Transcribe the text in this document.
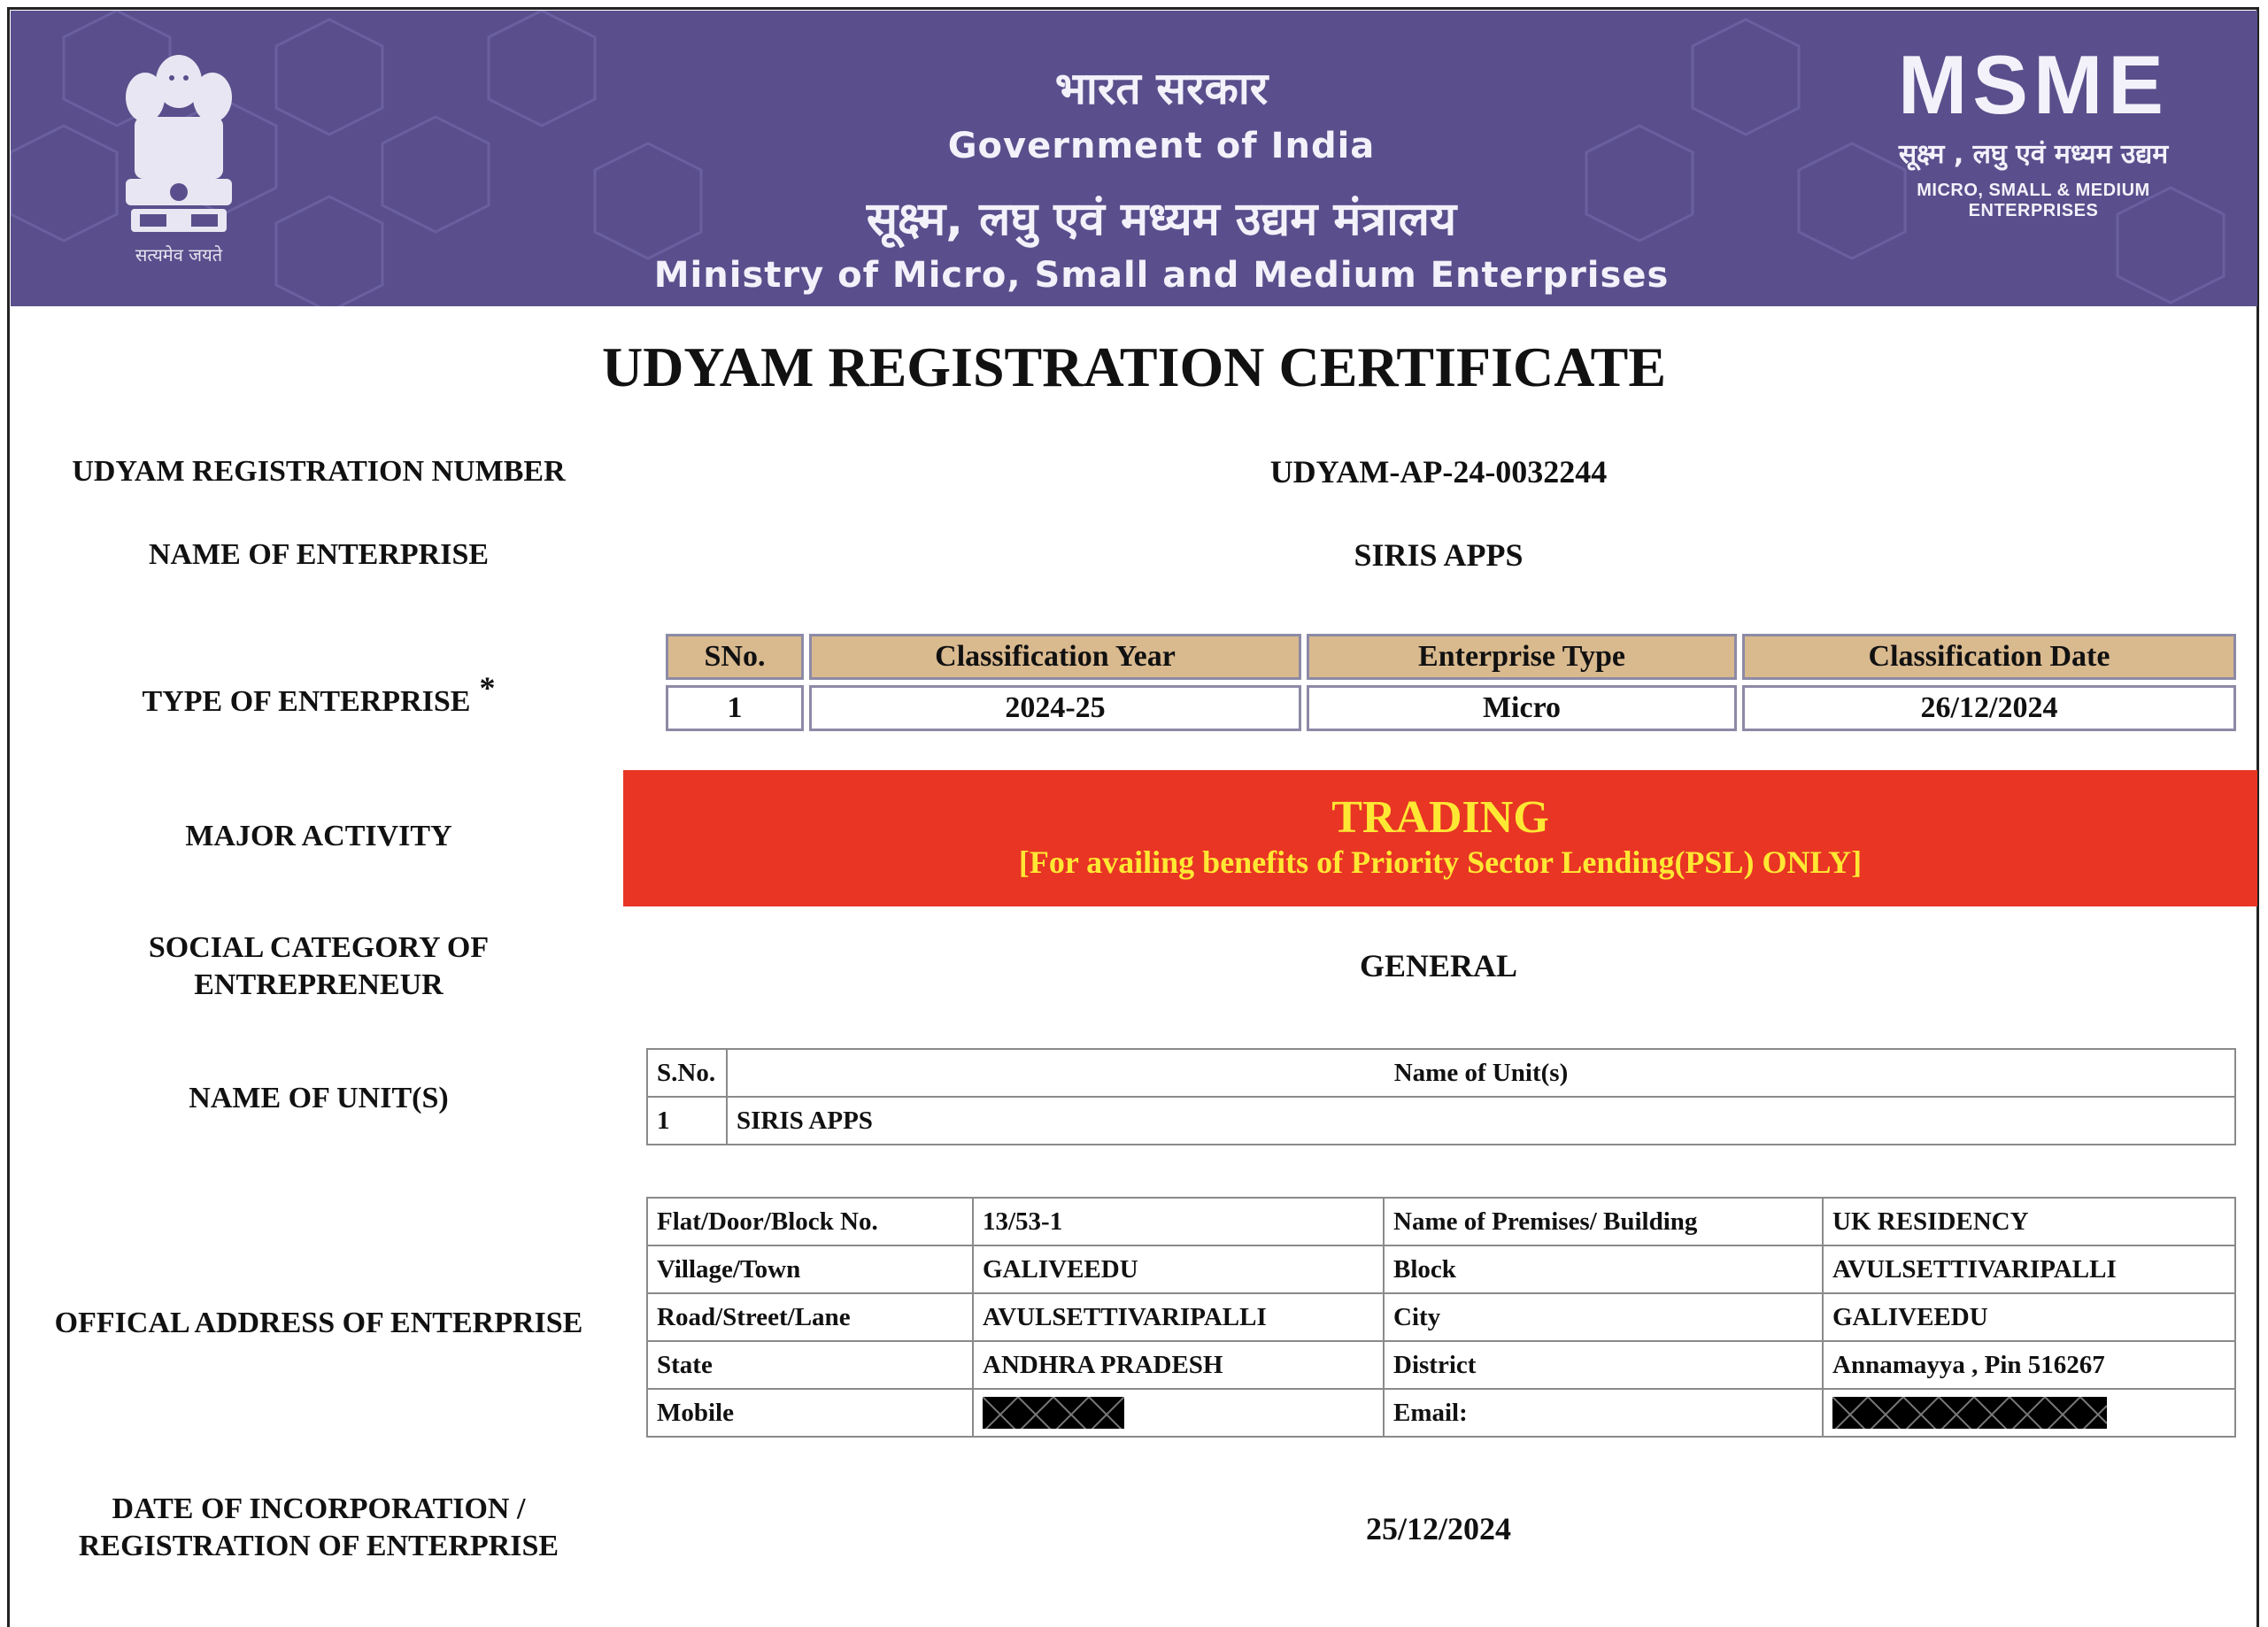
सत्यमेव जयते
भारत सरकार
Government of India
सूक्ष्म, लघु एवं मध्यम उद्यम मंत्रालय
Ministry of Micro, Small and Medium Enterprises
MSME
सूक्ष्म , लघु एवं मध्यम उद्यम
MICRO, SMALL & MEDIUM ENTERPRISES
UDYAM REGISTRATION CERTIFICATE
UDYAM REGISTRATION NUMBER	UDYAM-AP-24-0032244
NAME OF ENTERPRISE	SIRIS APPS
TYPE OF ENTERPRISE *
SNo.	Classification Year	Enterprise Type	Classification Date

1	2024-25	Micro	26/12/2024
MAJOR ACTIVITY	TRADING
[For availing benefits of Priority Sector Lending(PSL) ONLY]
SOCIAL CATEGORY OF
ENTREPRENEUR
GENERAL
NAME OF UNIT(S)
S.No.	Name of Unit(s)
1	SIRIS APPS
OFFICAL ADDRESS OF ENTERPRISE
Flat/Door/Block No.	13/53-1	Name of Premises/ Building	UK RESIDENCY
Village/Town	GALIVEEDU	Block	AVULSETTIVARIPALLI
Road/Street/Lane	AVULSETTIVARIPALLI	City	GALIVEEDU
State	ANDHRA PRADESH	District	Annamayya , Pin 516267
Mobile		Email:	
DATE OF INCORPORATION /
REGISTRATION OF ENTERPRISE	25/12/2024
